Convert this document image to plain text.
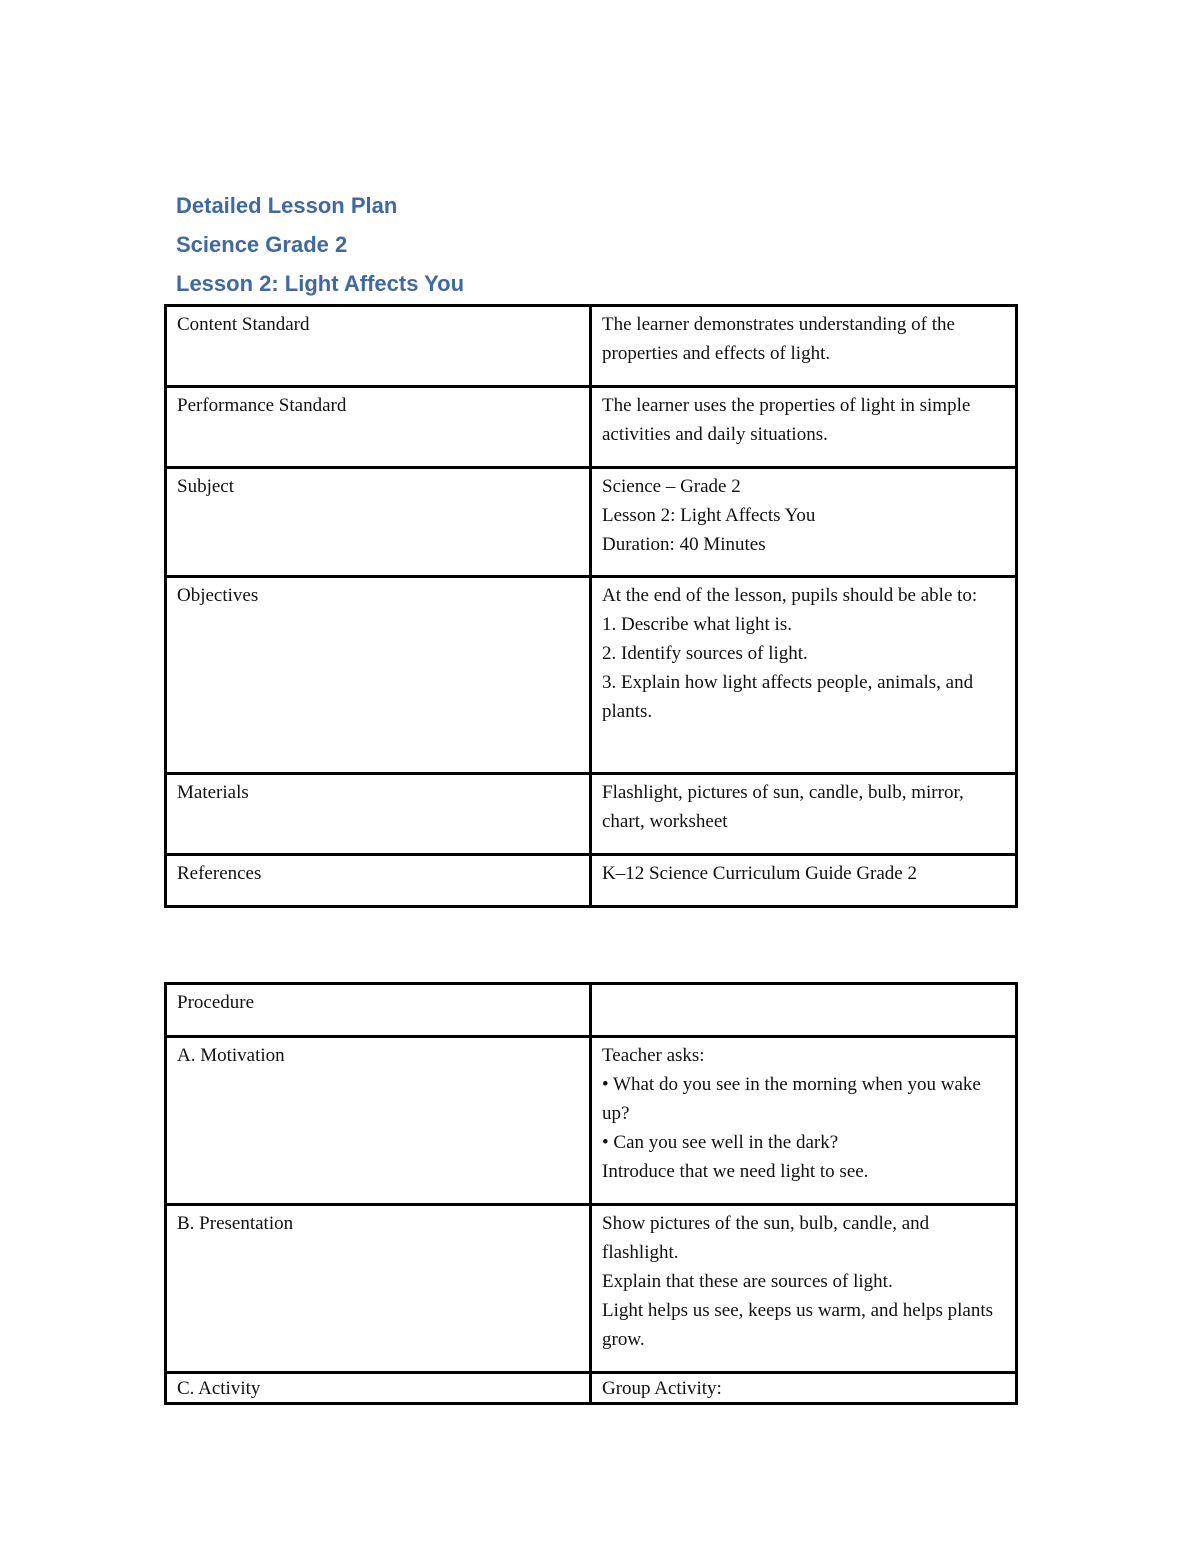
Detailed Lesson Plan
Science Grade 2
Lesson 2: Light Affects You
Content Standard	The learner demonstrates understanding of the properties and effects of light.

Performance Standard	The learner uses the properties of light in simple activities and daily situations.

Subject	Science – Grade 2
Lesson 2: Light Affects You
Duration: 40 Minutes

Objectives	At the end of the lesson, pupils should be able to:
1. Describe what light is.
2. Identify sources of light.
3. Explain how light affects people, animals, and plants.

Materials	Flashlight, pictures of sun, candle, bulb, mirror, chart, worksheet

References	K–12 Science Curriculum Guide Grade 2
Procedure	
A. Motivation	Teacher asks:
• What do you see in the morning when you wake up?
• Can you see well in the dark?
Introduce that we need light to see.

B. Presentation	Show pictures of the sun, bulb, candle, and flashlight.
Explain that these are sources of light.
Light helps us see, keeps us warm, and helps plants grow.

C. Activity	Group Activity:
